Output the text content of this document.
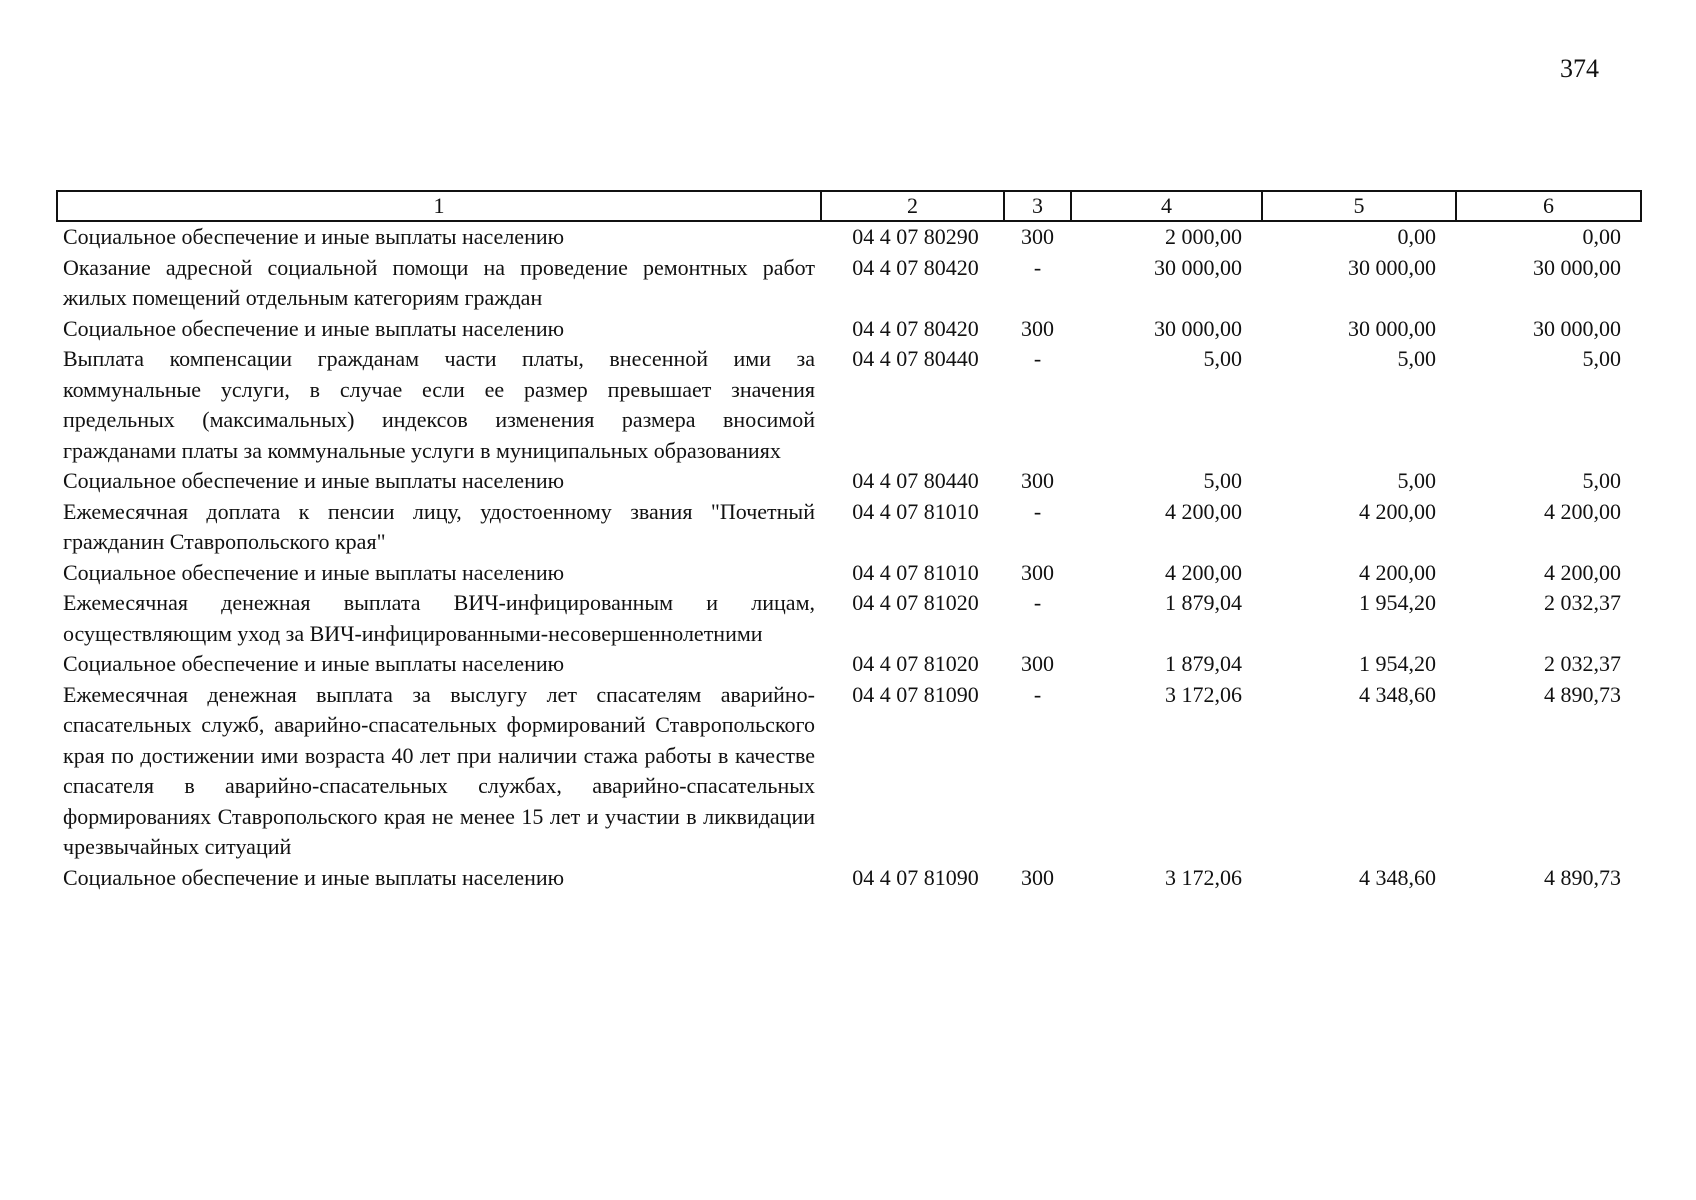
374
1	2	3	4	5	6
Социальное обеспечение и иные выплаты населению	04 4 07 80290	300	2 000,00	0,00	0,00
Оказание адресной социальной помощи на проведение ремонтных работ жилых помещений отдельным категориям граждан	04 4 07 80420	-	30 000,00	30 000,00	30 000,00
Социальное обеспечение и иные выплаты населению	04 4 07 80420	300	30 000,00	30 000,00	30 000,00
Выплата компенсации гражданам части платы, внесенной ими за коммунальные услуги, в случае если ее размер превышает значения предельных (максимальных) индексов изменения размера вносимой гражданами платы за коммунальные услуги в муниципальных образованиях	04 4 07 80440	-	5,00	5,00	5,00
Социальное обеспечение и иные выплаты населению	04 4 07 80440	300	5,00	5,00	5,00
Ежемесячная доплата к пенсии лицу, удостоенному звания "Почетный гражданин Ставропольского края"	04 4 07 81010	-	4 200,00	4 200,00	4 200,00
Социальное обеспечение и иные выплаты населению	04 4 07 81010	300	4 200,00	4 200,00	4 200,00
Ежемесячная денежная выплата ВИЧ-инфицированным и лицам, осуществляющим уход за ВИЧ-инфицированными-несовершеннолетними	04 4 07 81020	-	1 879,04	1 954,20	2 032,37
Социальное обеспечение и иные выплаты населению	04 4 07 81020	300	1 879,04	1 954,20	2 032,37
Ежемесячная денежная выплата за выслугу лет спасателям аварийно-спасательных служб, аварийно-спасательных формирований Ставропольского края по достижении ими возраста 40 лет при наличии стажа работы в качестве спасателя в аварийно-спасательных службах, аварийно-спасательных формированиях Ставропольского края не менее 15 лет и участии в ликвидации чрезвычайных ситуаций	04 4 07 81090	-	3 172,06	4 348,60	4 890,73
Социальное обеспечение и иные выплаты населению	04 4 07 81090	300	3 172,06	4 348,60	4 890,73
